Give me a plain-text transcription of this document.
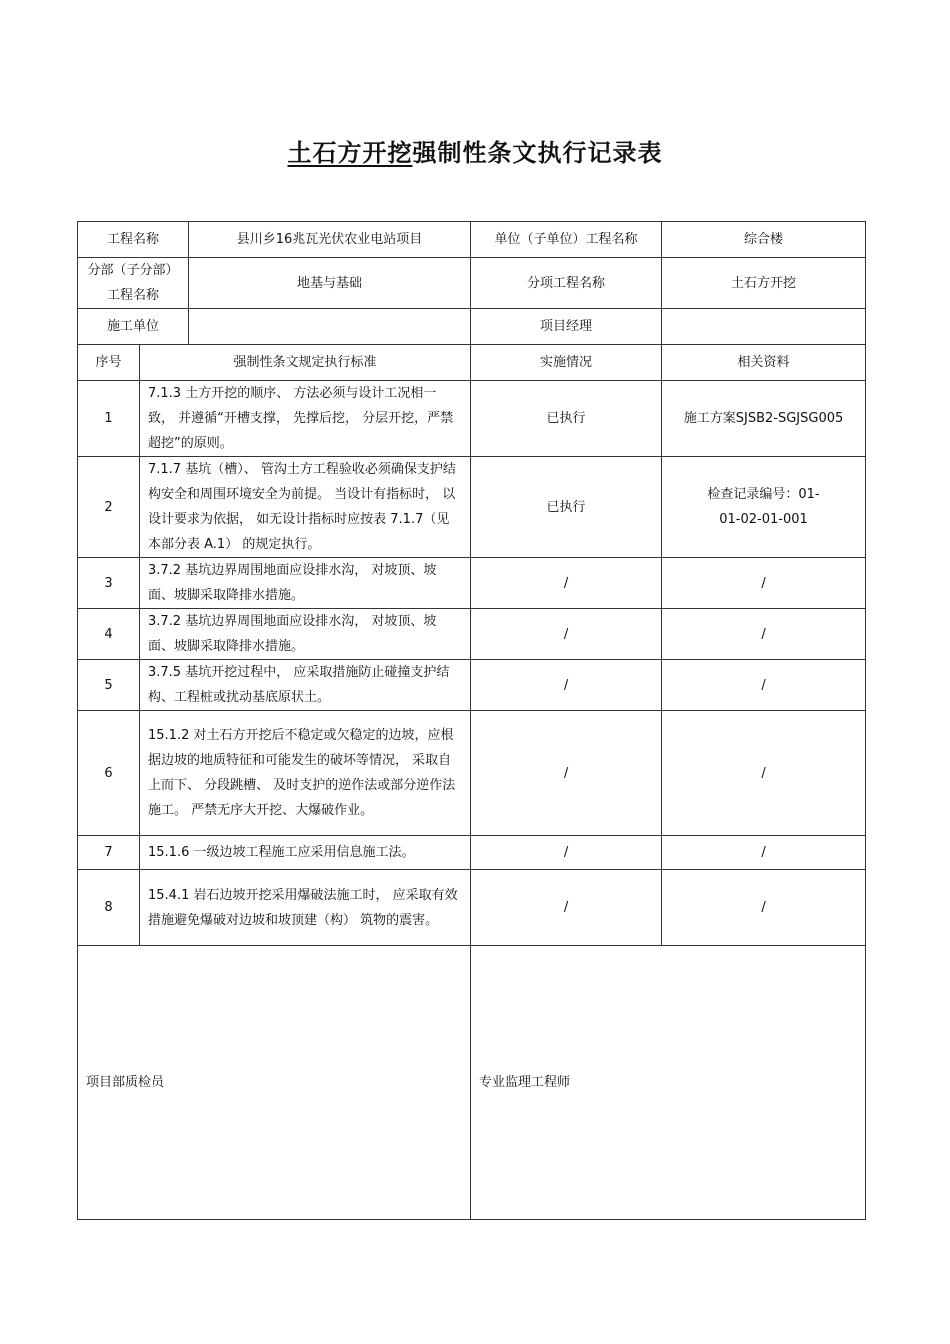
土石方开挖强制性条文执行记录表
工程名称		县川乡16兆瓦光伏农业电站项目	单位（子单位）工程名称	综合楼
分部（子分部）工程名称		地基与基础	分项工程名称	土石方开挖
施工单位			项目经理	
序号	强制性条文规定执行标准		实施情况	相关资料
1	7.1.3 土方开挖的顺序、 方法必须与设计工况相一致， 并遵循“开槽支撑， 先撑后挖， 分层开挖，严禁超挖”的原则。		已执行	施工方案SJSB2-SGJSG005
2	7.1.7 基坑（槽）、 管沟土方工程验收必须确保支护结构安全和周围环境安全为前提。 当设计有指标时， 以设计要求为依据， 如无设计指标时应按表 7.1.7（见本部分表 A.1） 的规定执行。		已执行	检查记录编号：01-01-02-01-001
3	3.7.2 基坑边界周围地面应设排水沟， 对坡顶、坡面、坡脚采取降排水措施。		/	/
4	3.7.2 基坑边界周围地面应设排水沟， 对坡顶、坡面、坡脚采取降排水措施。		/	/
5	3.7.5 基坑开挖过程中， 应采取措施防止碰撞支护结构、工程桩或扰动基底原状土。		/	/
6	15.1.2 对土石方开挖后不稳定或欠稳定的边坡，应根据边坡的地质特征和可能发生的破坏等情况， 采取自上而下、 分段跳槽、 及时支护的逆作法或部分逆作法施工。 严禁无序大开挖、大爆破作业。		/	/
7	15.1.6 一级边坡工程施工应采用信息施工法。		/	/
8	15.4.1 岩石边坡开挖采用爆破法施工时， 应采取有效措施避免爆破对边坡和坡顶建（构） 筑物的震害。		/	/
项目部质检员			专业监理工程师	
